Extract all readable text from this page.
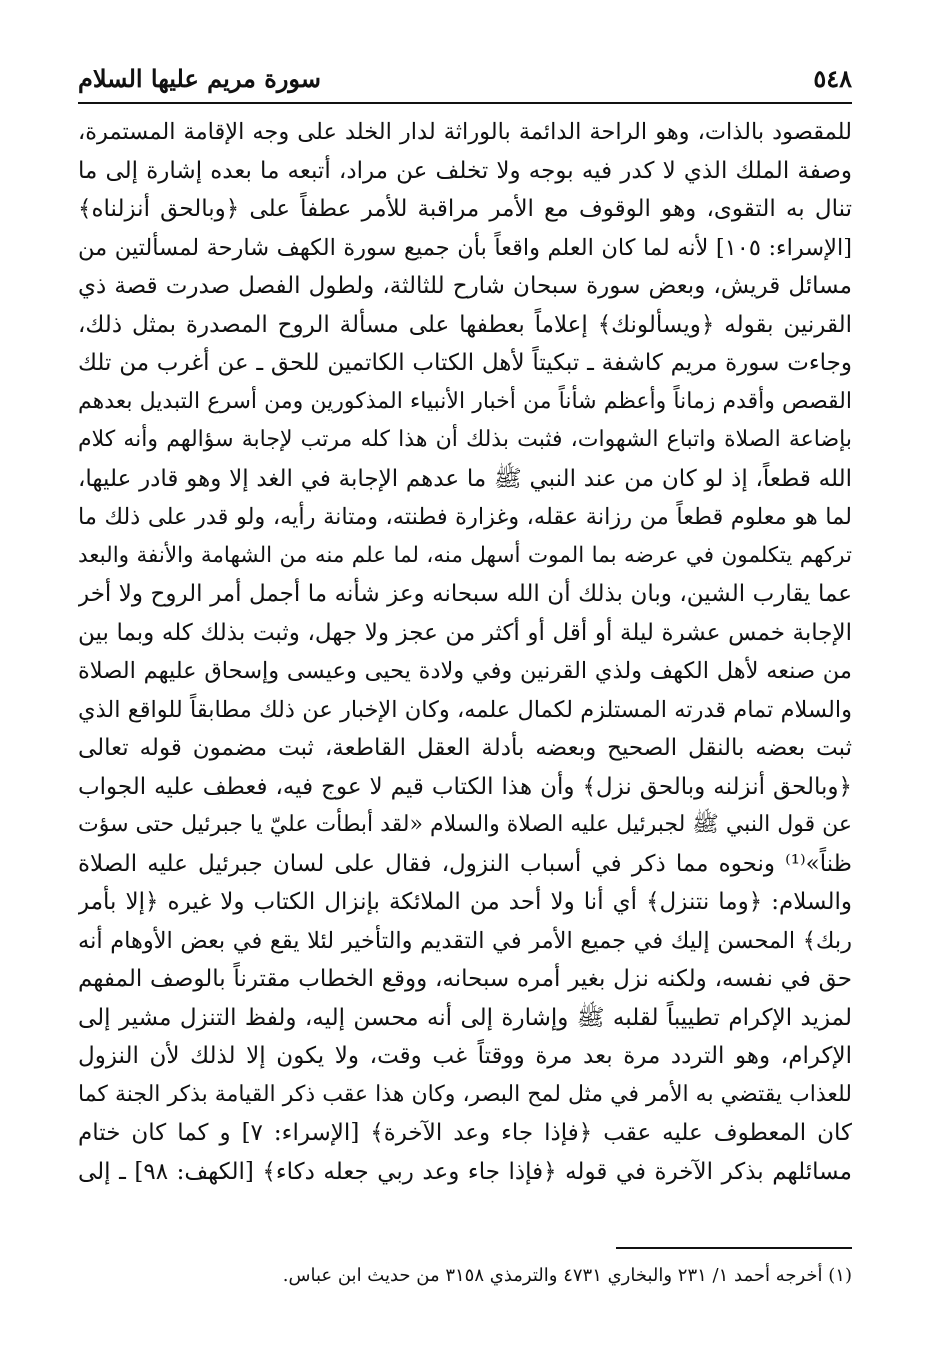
٥٤٨
سورة مريم عليها السلام
للمقصود بالذات، وهو الراحة الدائمة بالوراثة لدار الخلد على وجه الإقامة المستمرة،
وصفة الملك الذي لا كدر فيه بوجه ولا تخلف عن مراد، أتبعه ما بعده إشارة إلى ما
تنال به التقوى، وهو الوقوف مع الأمر مراقبة للأمر عطفاً على ﴿وبالحق أنزلناه﴾
[الإسراء: ١٠٥] لأنه لما كان العلم واقعاً بأن جميع سورة الكهف شارحة لمسألتين من
مسائل قريش، وبعض سورة سبحان شارح للثالثة، ولطول الفصل صدرت قصة ذي
القرنين بقوله ﴿ويسألونك﴾ إعلاماً بعطفها على مسألة الروح المصدرة بمثل ذلك،
وجاءت سورة مريم كاشفة ـ تبكيتاً لأهل الكتاب الكاتمين للحق ـ عن أغرب من تلك
القصص وأقدم زماناً وأعظم شأناً من أخبار الأنبياء المذكورين ومن أسرع التبديل بعدهم
بإضاعة الصلاة واتباع الشهوات، فثبت بذلك أن هذا كله مرتب لإجابة سؤالهم وأنه كلام
الله قطعاً، إذ لو كان من عند النبي ﷺ ما عدهم الإجابة في الغد إلا وهو قادر عليها،
لما هو معلوم قطعاً من رزانة عقله، وغزارة فطنته، ومتانة رأيه، ولو قدر على ذلك ما
تركهم يتكلمون في عرضه بما الموت أسهل منه، لما علم منه من الشهامة والأنفة والبعد
عما يقارب الشين، وبان بذلك أن الله سبحانه وعز شأنه ما أجمل أمر الروح ولا أخر
الإجابة خمس عشرة ليلة أو أقل أو أكثر من عجز ولا جهل، وثبت بذلك كله وبما بين
من صنعه لأهل الكهف ولذي القرنين وفي ولادة يحيى وعيسى وإسحاق عليهم الصلاة
والسلام تمام قدرته المستلزم لكمال علمه، وكان الإخبار عن ذلك مطابقاً للواقع الذي
ثبت بعضه بالنقل الصحيح وبعضه بأدلة العقل القاطعة، ثبت مضمون قوله تعالى
﴿وبالحق أنزلنه وبالحق نزل﴾ وأن هذا الكتاب قيم لا عوج فيه، فعطف عليه الجواب
عن قول النبي ﷺ لجبرئيل عليه الصلاة والسلام «لقد أبطأت عليّ يا جبرئيل حتى سؤت
ظناً»⁽¹⁾ ونحوه مما ذكر في أسباب النزول، فقال على لسان جبرئيل عليه الصلاة
والسلام: ﴿وما نتنزل﴾ أي أنا ولا أحد من الملائكة بإنزال الكتاب ولا غيره ﴿إلا بأمر
ربك﴾ المحسن إليك في جميع الأمر في التقديم والتأخير لئلا يقع في بعض الأوهام أنه
حق في نفسه، ولكنه نزل بغير أمره سبحانه، ووقع الخطاب مقترناً بالوصف المفهم
لمزيد الإكرام تطييباً لقلبه ﷺ وإشارة إلى أنه محسن إليه، ولفظ التنزل مشير إلى
الإكرام، وهو التردد مرة بعد مرة ووقتاً غب وقت، ولا يكون إلا لذلك لأن النزول
للعذاب يقتضي به الأمر في مثل لمح البصر، وكان هذا عقب ذكر القيامة بذكر الجنة كما
كان المعطوف عليه عقب ﴿فإذا جاء وعد الآخرة﴾ [الإسراء: ٧] و كما كان ختام
مسائلهم بذكر الآخرة في قوله ﴿فإذا جاء وعد ربي جعله دكاء﴾ [الكهف: ٩٨] ـ إلى
(١) أخرجه أحمد ١/ ٢٣١ والبخاري ٤٧٣١ والترمذي ٣١٥٨ من حديث ابن عباس.
